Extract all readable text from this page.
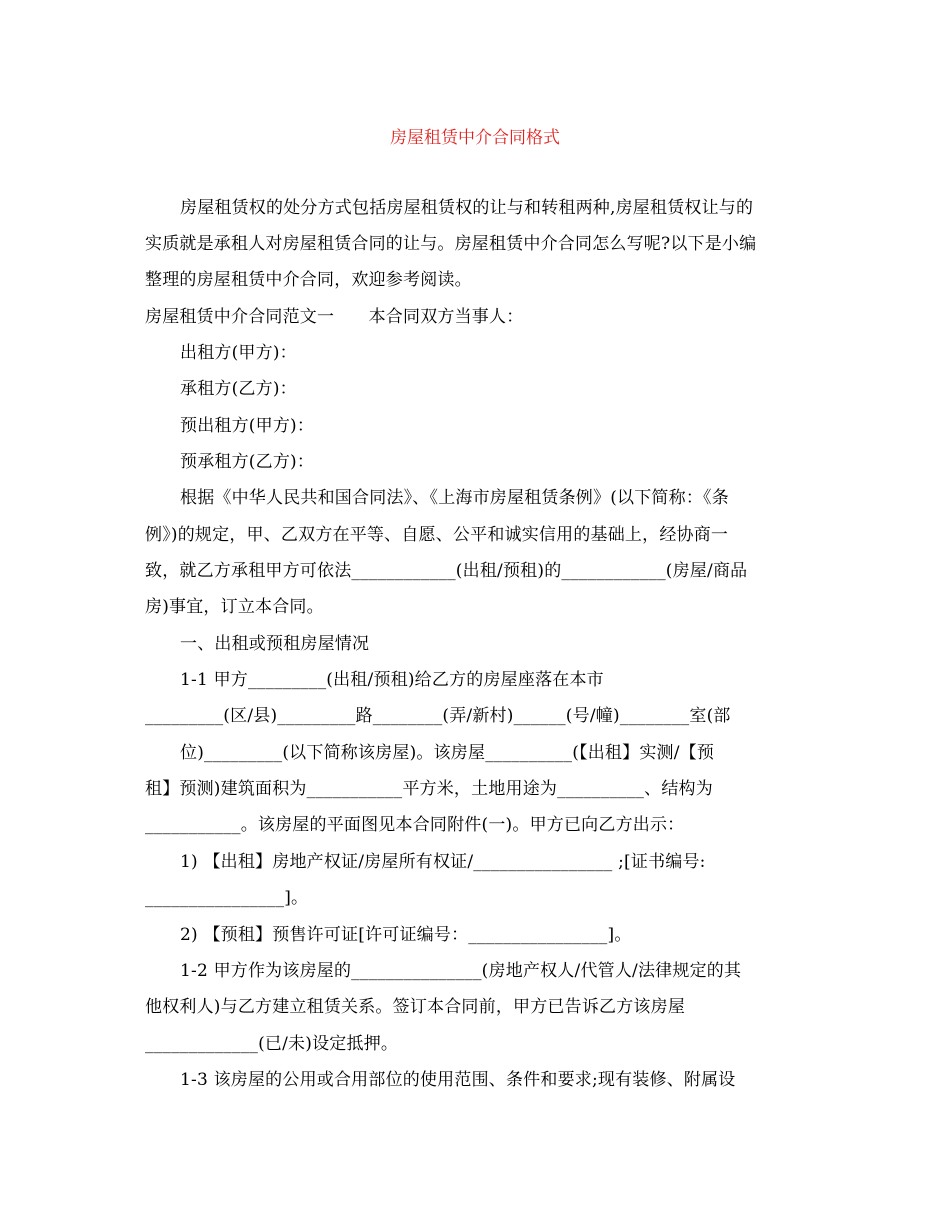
房屋租赁中介合同格式
房屋租赁权的处分方式包括房屋租赁权的让与和转租两种,房屋租赁权让与的
实质就是承租人对房屋租赁合同的让与。房屋租赁中介合同怎么写呢?以下是小编
整理的房屋租赁中介合同，欢迎参考阅读。
房屋租赁中介合同范文一　　本合同双方当事人：
出租方(甲方)：
承租方(乙方)：
预出租方(甲方)：
预承租方(乙方)：
根据《中华人民共和国合同法》、《上海市房屋租赁条例》(以下简称：《条
例》)的规定，甲、乙双方在平等、自愿、公平和诚实信用的基础上，经协商一
致，就乙方承租甲方可依法____________(出租/预租)的____________(房屋/商品
房)事宜，订立本合同。
一、出租或预租房屋情况
1-1 甲方_________(出租/预租)给乙方的房屋座落在本市
_________(区/县)_________路________(弄/新村)______(号/幢)________室(部
位)_________(以下简称该房屋)。该房屋__________(【出租】实测/【预
租】预测)建筑面积为___________平方米，土地用途为__________、结构为
___________。该房屋的平面图见本合同附件(一)。甲方已向乙方出示：
1) 【出租】房地产权证/房屋所有权证/________________ ;[证书编号:
________________]。
2) 【预租】预售许可证[许可证编号：________________]。
1-2 甲方作为该房屋的_______________(房地产权人/代管人/法律规定的其
他权利人)与乙方建立租赁关系。签订本合同前，甲方已告诉乙方该房屋
_____________(已/未)设定抵押。
1-3 该房屋的公用或合用部位的使用范围、条件和要求;现有装修、附属设
